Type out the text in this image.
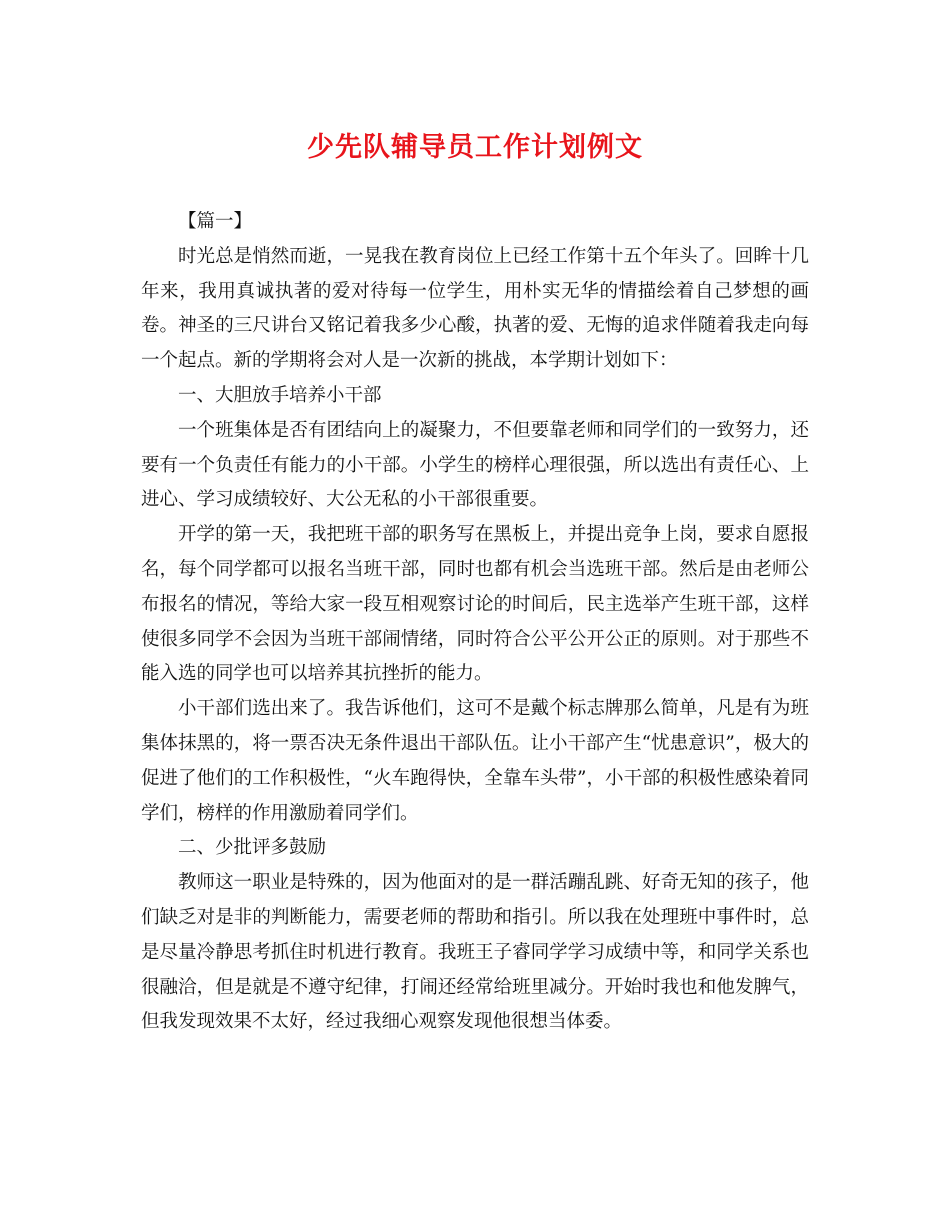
少先队辅导员工作计划例文

【篇一】

时光总是悄然而逝，一晃我在教育岗位上已经工作第十五个年头了。回眸十几年来，我用真诚执著的爱对待每一位学生，用朴实无华的情描绘着自己梦想的画卷。神圣的三尺讲台又铭记着我多少心酸，执著的爱、无悔的追求伴随着我走向每一个起点。新的学期将会对人是一次新的挑战，本学期计划如下：

一、大胆放手培养小干部

一个班集体是否有团结向上的凝聚力，不但要靠老师和同学们的一致努力，还要有一个负责任有能力的小干部。小学生的榜样心理很强，所以选出有责任心、上进心、学习成绩较好、大公无私的小干部很重要。

开学的第一天，我把班干部的职务写在黑板上，并提出竞争上岗，要求自愿报名，每个同学都可以报名当班干部，同时也都有机会当选班干部。然后是由老师公布报名的情况，等给大家一段互相观察讨论的时间后，民主选举产生班干部，这样使很多同学不会因为当班干部闹情绪，同时符合公平公开公正的原则。对于那些不能入选的同学也可以培养其抗挫折的能力。

小干部们选出来了。我告诉他们，这可不是戴个标志牌那么简单，凡是有为班集体抹黑的，将一票否决无条件退出干部队伍。让小干部产生“忧患意识”，极大的促进了他们的工作积极性，“火车跑得快，全靠车头带”，小干部的积极性感染着同学们，榜样的作用激励着同学们。

二、少批评多鼓励

教师这一职业是特殊的，因为他面对的是一群活蹦乱跳、好奇无知的孩子，他们缺乏对是非的判断能力，需要老师的帮助和指引。所以我在处理班中事件时，总是尽量冷静思考抓住时机进行教育。我班王子睿同学学习成绩中等，和同学关系也很融洽，但是就是不遵守纪律，打闹还经常给班里减分。开始时我也和他发脾气，但我发现效果不太好，经过我细心观察发现他很想当体委。
